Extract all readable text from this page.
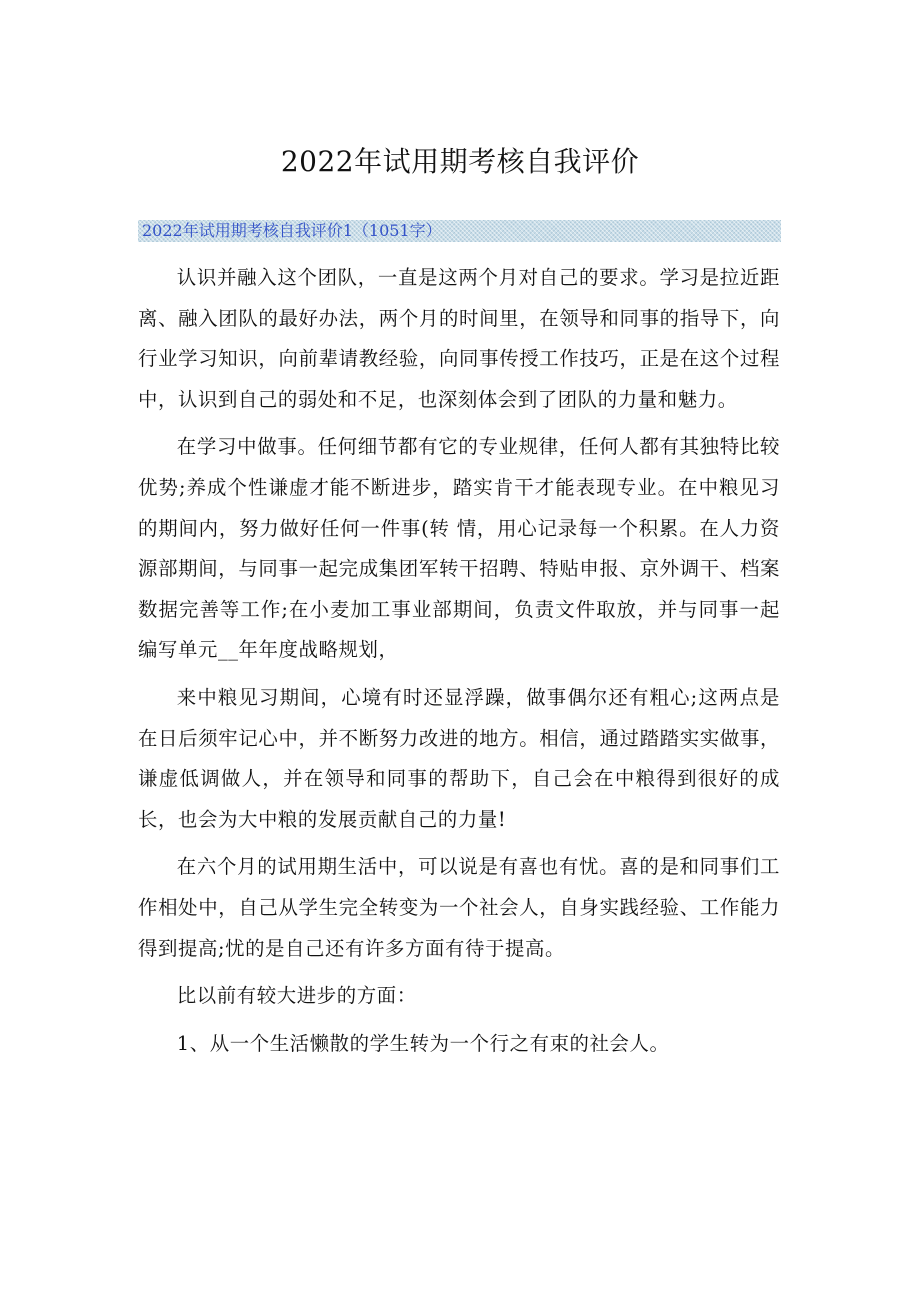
2022年试用期考核自我评价
2022年试用期考核自我评价1（1051字）

认识并融入这个团队，一直是这两个月对自己的要求。学习是拉近距离、融入团队的最好办法，两个月的时间里，在领导和同事的指导下，向行业学习知识，向前辈请教经验，向同事传授工作技巧，正是在这个过程中，认识到自己的弱处和不足，也深刻体会到了团队的力量和魅力。

在学习中做事。任何细节都有它的专业规律，任何人都有其独特比较优势;养成个性谦虚才能不断进步，踏实肯干才能表现专业。在中粮见习的期间内，努力做好任何一件事(转 情，用心记录每一个积累。在人力资源部期间，与同事一起完成集团军转干招聘、特贴申报、京外调干、档案数据完善等工作;在小麦加工事业部期间，负责文件取放，并与同事一起编写单元__年年度战略规划，

来中粮见习期间，心境有时还显浮躁，做事偶尔还有粗心;这两点是在日后须牢记心中，并不断努力改进的地方。相信，通过踏踏实实做事，谦虚低调做人，并在领导和同事的帮助下，自己会在中粮得到很好的成长，也会为大中粮的发展贡献自己的力量!

在六个月的试用期生活中，可以说是有喜也有忧。喜的是和同事们工作相处中，自己从学生完全转变为一个社会人，自身实践经验、工作能力得到提高;忧的是自己还有许多方面有待于提高。

比以前有较大进步的方面：

1、从一个生活懒散的学生转为一个行之有束的社会人。
